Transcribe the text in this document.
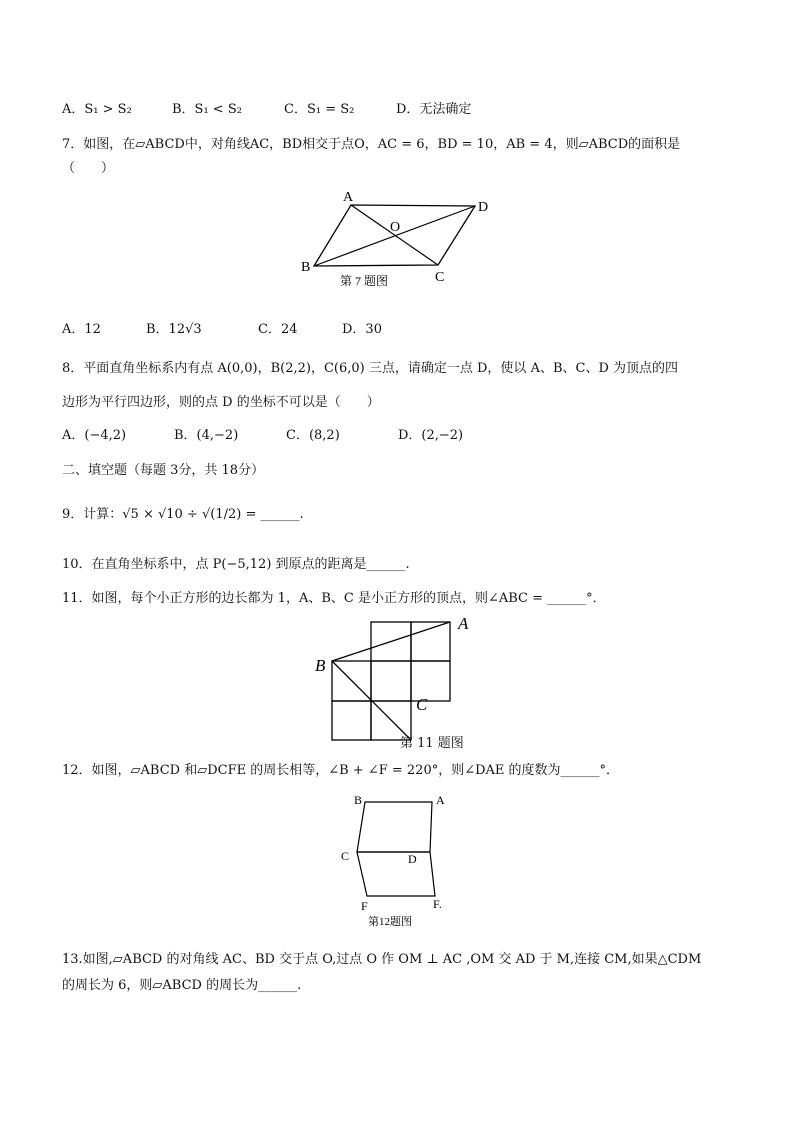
A．S₁ > S₂	B．S₁ < S₂	C．S₁ = S₂	D．无法确定
7．如图，在▱ABCD中，对角线AC，BD相交于点O，AC = 6，BD = 10，AB = 4，则▱ABCD的面积是
（　　）
A
D
O
B
C
第 7 题图
A．12	B．12√3	C．24	D．30
8．平面直角坐标系内有点 A(0,0)，B(2,2)，C(6,0) 三点，请确定一点 D，使以 A、B、C、D 为顶点的四
边形为平行四边形，则的点 D 的坐标不可以是（　　）
A．(−4,2)	B．(4,−2)	C．(8,2)	D．(2,−2)
二、填空题（每题 3分，共 18分）
9．计算：√5 × √10 ÷ √(1/2) = ______.
10．在直角坐标系中，点 P(−5,12) 到原点的距离是______.
11．如图，每个小正方形的边长都为 1，A、B、C 是小正方形的顶点，则∠ABC = ______°．
A
B
C
第 11 题图
12．如图，▱ABCD 和▱DCFE 的周长相等，∠B + ∠F = 220°，则∠DAE 的度数为______°．
B	A
C	D
F	F.
第12题图
13.如图,▱ABCD 的对角线 AC、BD 交于点 O,过点 O 作 OM ⊥ AC ,OM 交 AD 于 M,连接 CM,如果△CDM
的周长为 6，则▱ABCD 的周长为______.
